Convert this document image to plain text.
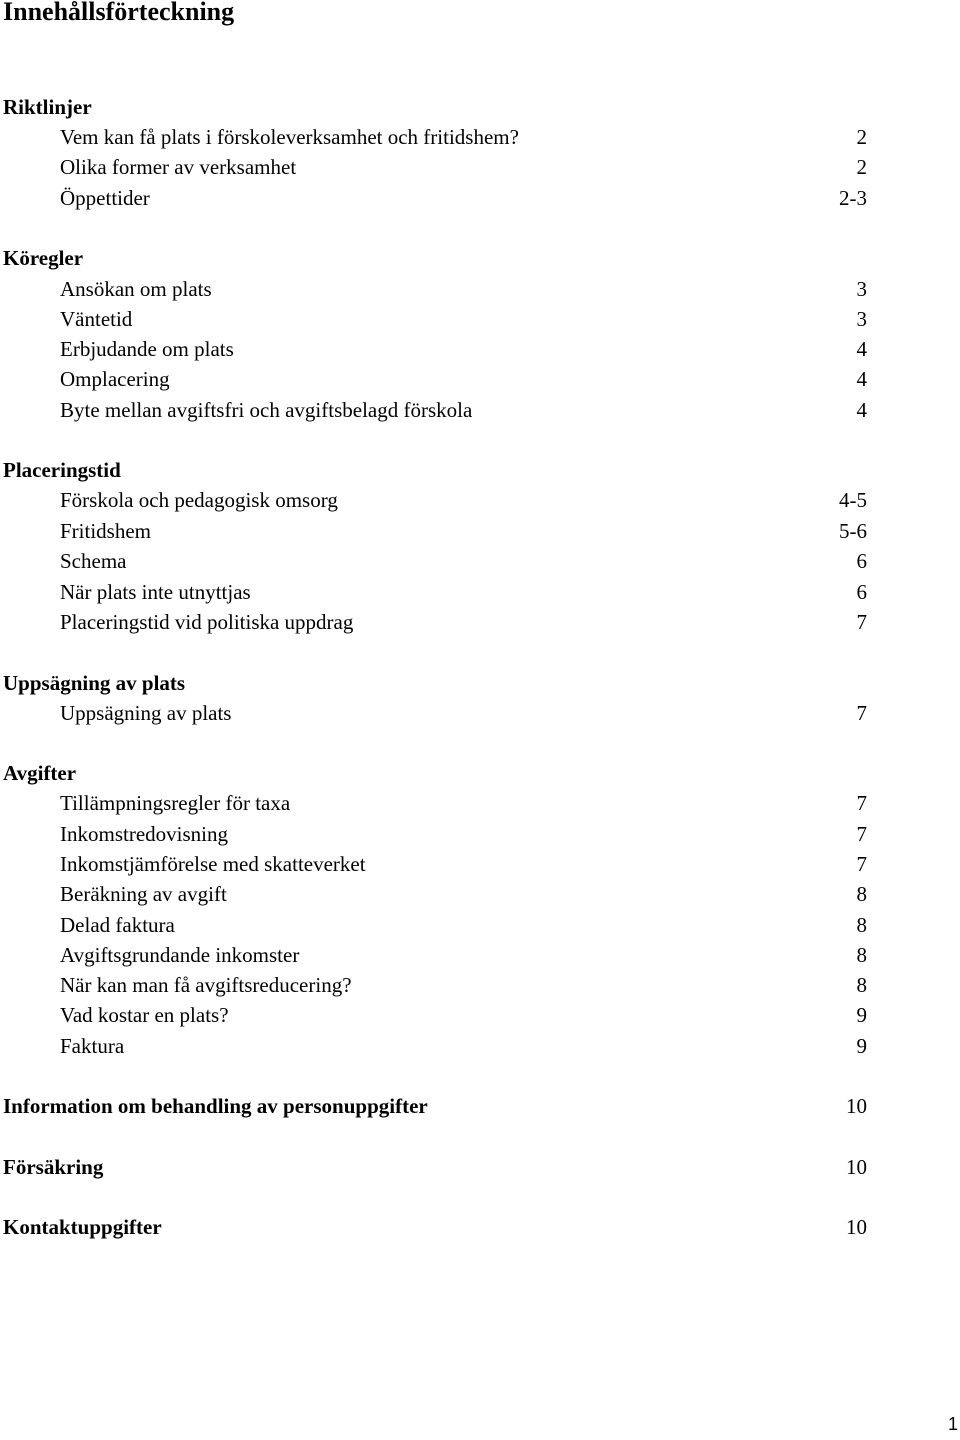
Innehållsförteckning
Riktlinjer
Vem kan få plats i förskoleverksamhet och fritidshem?	2
Olika former av verksamhet	2
Öppettider	2-3
Köregler
Ansökan om plats	3
Väntetid	3
Erbjudande om plats	4
Omplacering	4
Byte mellan avgiftsfri och avgiftsbelagd förskola	4
Placeringstid
Förskola och pedagogisk omsorg	4-5
Fritidshem	5-6
Schema	6
När plats inte utnyttjas	6
Placeringstid vid politiska uppdrag	7
Uppsägning av plats
Uppsägning av plats	7
Avgifter
Tillämpningsregler för taxa	7
Inkomstredovisning	7
Inkomstjämförelse med skatteverket	7
Beräkning av avgift	8
Delad faktura	8
Avgiftsgrundande inkomster	8
När kan man få avgiftsreducering?	8
Vad kostar en plats?	9
Faktura	9
Information om behandling av personuppgifter	10
Försäkring	10
Kontaktuppgifter	10
1
